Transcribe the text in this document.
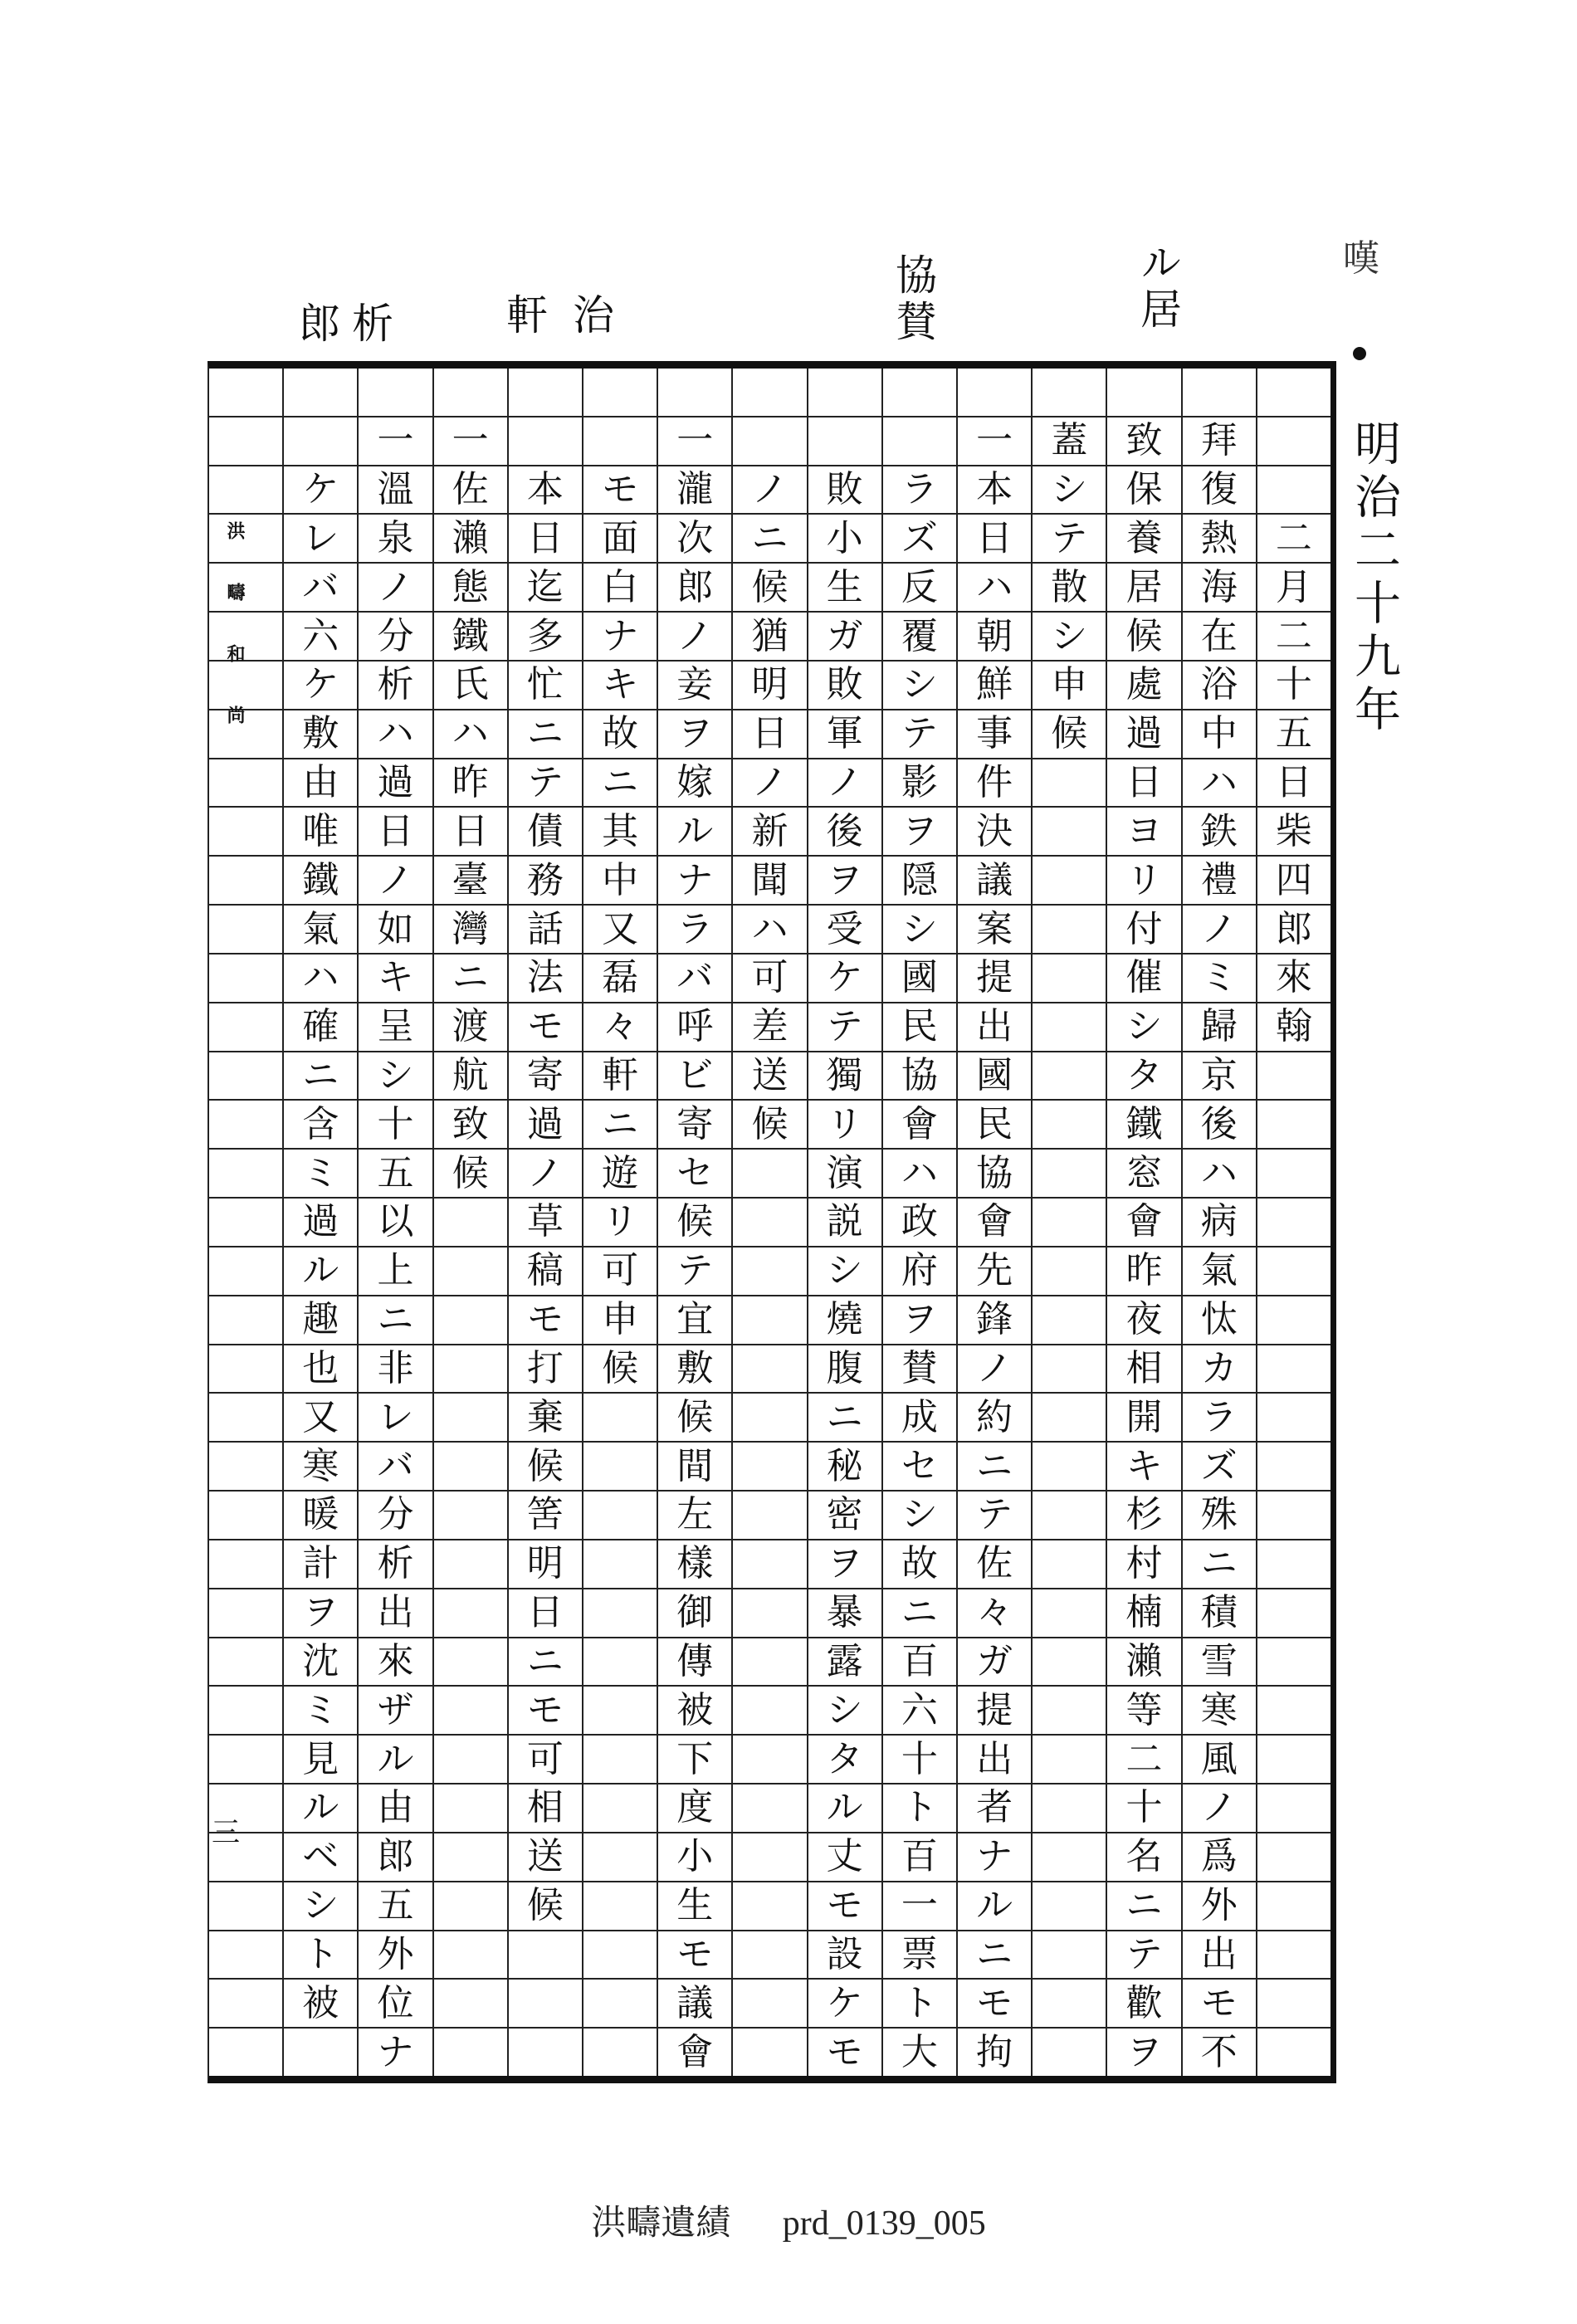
嘆
郎析 軒治	協賛	ル居
明治二十九年
二
月
二
十
五
日
柴
四
郎
來
翰
拜
復
熱
海
在
浴
中
ハ
鉄
禮
ノ
ミ
歸
京
後
ハ
病
氣
忲
カ
ラ
ズ
殊
ニ
積
雪
寒
風
ノ
爲
外
出
モ
不
致
保
養
居
候
處
過
日
ヨ
リ
付
催
シ
タ
鐵
窓
會
昨
夜
相
開
キ
杉
村
楠
瀨
等
二
十
名
ニ
テ
歡
ヲ
蓋
シ
テ
散
シ
申
候
一
本
日
ハ
朝
鮮
事
件
決
議
案
提
出
國
民
協
會
先
鋒
ノ
約
ニ
テ
佐
々
ガ
提
出
者
ナ
ル
ニ
モ
拘
ラ
ズ
反
覆
シ
テ
影
ヲ
隠
シ
國
民
協
會
ハ
政
府
ヲ
賛
成
セ
シ
故
ニ
百
六
十
ト
百
一
票
ト
大
敗
小
生
ガ
敗
軍
ノ
後
ヲ
受
ケ
テ
獨
リ
演
説
シ
燒
腹
ニ
秘
密
ヲ
暴
露
シ
タ
ル
丈
モ
設
ケ
モ
ノ
ニ
候
猶
明
日
ノ
新
聞
ハ
可
差
送
候
一
瀧
次
郎
ノ
妾
ヲ
嫁
ル
ナ
ラ
バ
呼
ビ
寄
セ
候
テ
宜
敷
候
間
左
樣
御
傳
被
下
度
小
生
モ
議
會
モ
面
白
ナ
キ
故
ニ
其
中
又
磊
々
軒
ニ
遊
リ
可
申
候
本
日
迄
多
忙
ニ
テ
債
務
話
法
モ
寄
過
ノ
草
稿
モ
打
棄
候
筈
明
日
ニ
モ
可
相
送
候
一
佐
瀨
態
鐵
氏
ハ
昨
日
臺
灣
ニ
渡
航
致
候
一
溫
泉
ノ
分
析
ハ
過
日
ノ
如
キ
呈
シ
十
五
以
上
ニ
非
レ
バ
分
析
出
來
ザ
ル
由
郎
五
外
位
ナ
ケ
レ
バ
六
ケ
敷
由
唯
鐵
氣
ハ
確
ニ
含
ミ
過
ル
趣
也
又
寒
暖
計
ヲ
沈
ミ
見
ル
ベ
シ
ト
被
洪疇和尚
三
洪疇遺績 prd_0139_005
